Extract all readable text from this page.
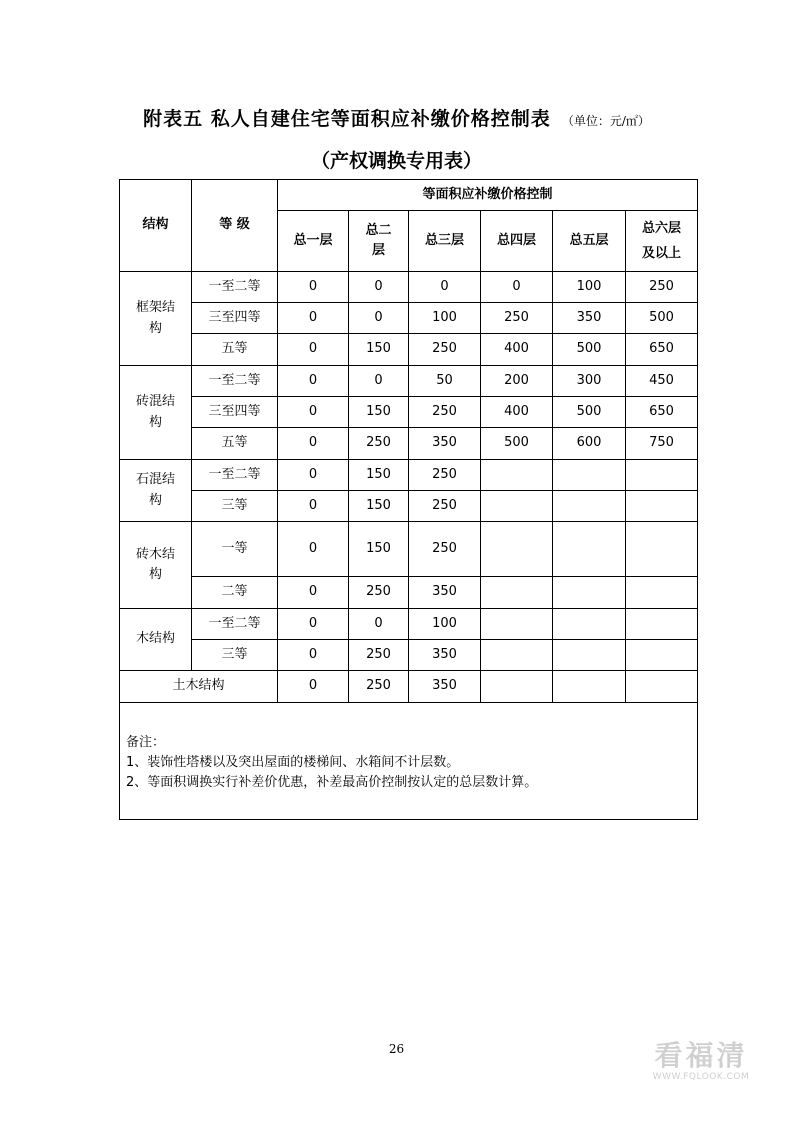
附表五 私人自建住宅等面积应补缴价格控制表 （单位：元/㎡）
（产权调换专用表）
结构	等 级	等面积应补缴价格控制					
		总一层	总二层	总三层	总四层	总五层	总六层及以上
框架结构	一至二等	0	0	0	0	100	250
	三至四等	0	0	100	250	350	500
	五等	0	150	250	400	500	650
砖混结构	一至二等	0	0	50	200	300	450
	三至四等	0	150	250	400	500	650
	五等	0	250	350	500	600	750
石混结构	一至二等	0	150	250			
	三等	0	150	250			
砖木结构	一等	0	150	250			
	二等	0	250	350			
木结构	一至二等	0	0	100			
	三等	0	250	350			
土木结构		0	250	350			

备注：
1、装饰性塔楼以及突出屋面的楼梯间、水箱间不计层数。
2、等面积调换实行补差价优惠，补差最高价控制按认定的总层数计算。							
26	看福清
WWW.FQLOOK.COM
